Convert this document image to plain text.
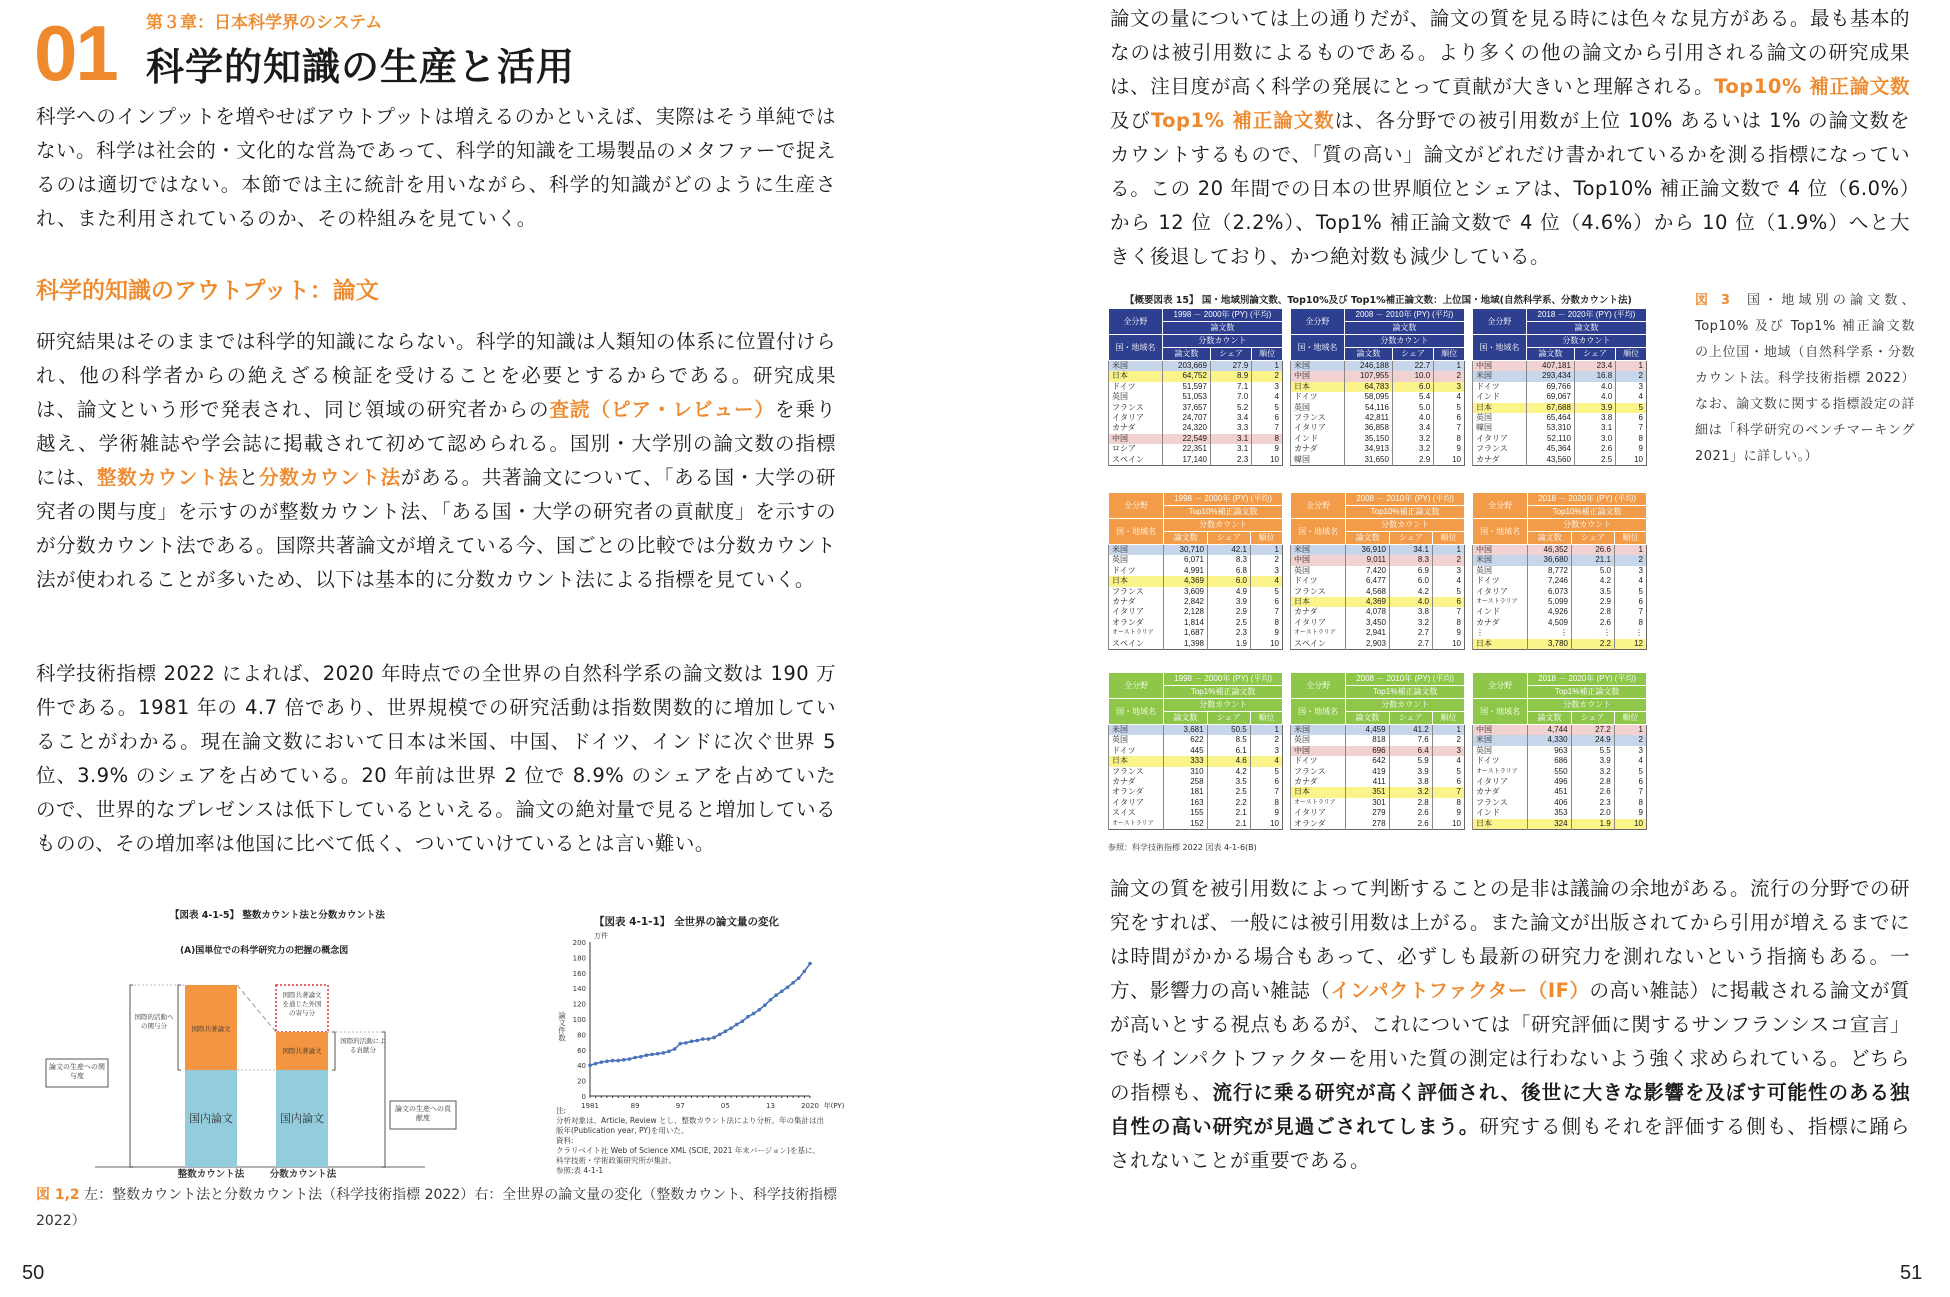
01 第３章：日本科学界のシステム
科学的知識の生産と活用
科学へのインプットを増やせばアウトプットは増えるのかといえば、実際はそう単純ではない。科学は社会的・文化的な営為であって、科学的知識を工場製品のメタファーで捉えるのは適切ではない。本節では主に統計を用いながら、科学的知識がどのように生産され、また利用されているのか、その枠組みを見ていく。
科学的知識のアウトプット：論文
研究結果はそのままでは科学的知識にならない。科学的知識は人類知の体系に位置付けられ、他の科学者からの絶えざる検証を受けることを必要とするからである。研究成果は、論文という形で発表され、同じ領域の研究者からの査読（ピア・レビュー）を乗り越え、学術雑誌や学会誌に掲載されて初めて認められる。国別・大学別の論文数の指標には、整数カウント法と分数カウント法がある。共著論文について、「ある国・大学の研究者の関与度」を示すのが整数カウント法、「ある国・大学の研究者の貢献度」を示すのが分数カウント法である。国際共著論文が増えている今、国ごとの比較では分数カウント法が使われることが多いため、以下は基本的に分数カウント法による指標を見ていく。
科学技術指標 2022 によれば、2020 年時点での全世界の自然科学系の論文数は 190 万件である。1981 年の 4.7 倍であり、世界規模での研究活動は指数関数的に増加していることがわかる。現在論文数において日本は米国、中国、ドイツ、インドに次ぐ世界 5 位、3.9% のシェアを占めている。20 年前は世界 2 位で 8.9% のシェアを占めていたので、世界的なプレゼンスは低下しているといえる。論文の絶対量で見ると増加しているものの、その増加率は他国に比べて低く、ついていけているとは言い難い。
【図表 4-1-5】 整数カウント法と分数カウント法
(A)国単位での科学研究力の把握の概念図
論文の生産への関与度
論文の生産への貢献度
国際的活動への関与分
国際的活動による貢献分
国際共著論文
国際共著論文
国際共著論文を通じた外国の寄与分
国内論文	国内論文
整数カウント法	分数カウント法
【図表 4-1-1】 全世界の論文量の変化
0
20
40
60
80
100
120
140
160
180
200
万件
論文件数
1981	89	97	05	13	2020 年(PY)
注:
分析対象は、Article, Review とし、整数カウント法により分析。年の集計は出版年(Publication year, PY)を用いた。
資料:
クラリベイト社 Web of Science XML (SCIE, 2021 年末バージョン)を基に、科学技術・学術政策研究所が集計。
参照:表 4-1-1
図 1,2 左：整数カウント法と分数カウント法（科学技術指標 2022）右：全世界の論文量の変化（整数カウント、科学技術指標 2022）
50
論文の量については上の通りだが、論文の質を見る時には色々な見方がある。最も基本的なのは被引用数によるものである。より多くの他の論文から引用される論文の研究成果は、注目度が高く科学の発展にとって貢献が大きいと理解される。Top10% 補正論文数及びTop1% 補正論文数は、各分野での被引用数が上位 10% あるいは 1% の論文数をカウントするもので、「質の高い」論文がどれだけ書かれているかを測る指標になっている。この 20 年間での日本の世界順位とシェアは、Top10% 補正論文数で 4 位（6.0%）から 12 位（2.2%）、Top1% 補正論文数で 4 位（4.6%）から 10 位（1.9%）へと大きく後退しており、かつ絶対数も減少している。
図 3 国・地域別の論文数、Top10% 及び Top1% 補正論文数の上位国・地域（自然科学系・分数カウント法。科学技術指標 2022）なお、論文数に関する指標設定の詳細は「科学研究のベンチマーキング 2021」に詳しい。）
論文の質を被引用数によって判断することの是非は議論の余地がある。流行の分野での研究をすれば、一般には被引用数は上がる。また論文が出版されてから引用が増えるまでには時間がかかる場合もあって、必ずしも最新の研究力を測れないという指摘もある。一方、影響力の高い雑誌（インパクトファクター（IF）の高い雑誌）に掲載される論文が質が高いとする視点もあるが、これについては「研究評価に関するサンフランシスコ宣言」でもインパクトファクターを用いた質の測定は行わないよう強く求められている。どちらの指標も、流行に乗る研究が高く評価され、後世に大きな影響を及ぼす可能性のある独自性の高い研究が見過ごされてしまう。研究する側もそれを評価する側も、指標に踊らされないことが重要である。
51
【概要図表 15】 国・地域別論文数、Top10%及び Top1%補正論文数：上位国・地域(自然科学系、分数カウント法)
全分野	1998 － 2000年 (PY) (平均)		
	論文数		
国・地域名	分数カウント		
	論文数	シェア	順位
米国	203,669	27.9	1
日本	64,752	8.9	2
ドイツ	51,597	7.1	3
英国	51,053	7.0	4
フランス	37,657	5.2	5
イタリア	24,707	3.4	6
カナダ	24,320	3.3	7
中国	22,549	3.1	8
ロシア	22,351	3.1	9
スペイン	17,140	2.3	10
全分野	2008 － 2010年 (PY) (平均)		
	論文数		
国・地域名	分数カウント		
	論文数	シェア	順位
米国	246,188	22.7	1
中国	107,955	10.0	2
日本	64,783	6.0	3
ドイツ	58,095	5.4	4
英国	54,116	5.0	5
フランス	42,811	4.0	6
イタリア	36,858	3.4	7
インド	35,150	3.2	8
カナダ	34,913	3.2	9
韓国	31,650	2.9	10
全分野	2018 － 2020年 (PY) (平均)		
	論文数		
国・地域名	分数カウント		
	論文数	シェア	順位
中国	407,181	23.4	1
米国	293,434	16.8	2
ドイツ	69,766	4.0	3
インド	69,067	4.0	4
日本	67,688	3.9	5
英国	65,464	3.8	6
韓国	53,310	3.1	7
イタリア	52,110	3.0	8
フランス	45,364	2.6	9
カナダ	43,560	2.5	10
全分野	1998 － 2000年 (PY) (平均)		
	Top10%補正論文数		
国・地域名	分数カウント		
	論文数	シェア	順位
米国	30,710	42.1	1
英国	6,071	8.3	2
ドイツ	4,991	6.8	3
日本	4,369	6.0	4
フランス	3,609	4.9	5
カナダ	2,842	3.9	6
イタリア	2,128	2.9	7
オランダ	1,814	2.5	8
オーストラリア	1,687	2.3	9
スペイン	1,398	1.9	10
全分野	2008 － 2010年 (PY) (平均)		
	Top10%補正論文数		
国・地域名	分数カウント		
	論文数	シェア	順位
米国	36,910	34.1	1
中国	9,011	8.3	2
英国	7,420	6.9	3
ドイツ	6,477	6.0	4
フランス	4,568	4.2	5
日本	4,369	4.0	6
カナダ	4,078	3.8	7
イタリア	3,450	3.2	8
オーストラリア	2,941	2.7	9
スペイン	2,903	2.7	10
全分野	2018 － 2020年 (PY) (平均)		
	Top10%補正論文数		
国・地域名	分数カウント		
	論文数	シェア	順位
中国	46,352	26.6	1
米国	36,680	21.1	2
英国	8,772	5.0	3
ドイツ	7,246	4.2	4
イタリア	6,073	3.5	5
オーストラリア	5,099	2.9	6
インド	4,926	2.8	7
カナダ	4,509	2.6	8
⋮	⋮	⋮	⋮
日本	3,780	2.2	12
全分野	1998 － 2000年 (PY) (平均)		
	Top1%補正論文数		
国・地域名	分数カウント		
	論文数	シェア	順位
米国	3,681	50.5	1
英国	622	8.5	2
ドイツ	445	6.1	3
日本	333	4.6	4
フランス	310	4.2	5
カナダ	258	3.5	6
オランダ	181	2.5	7
イタリア	163	2.2	8
スイス	155	2.1	9
オーストラリア	152	2.1	10
全分野	2008 － 2010年 (PY) (平均)		
	Top1%補正論文数		
国・地域名	分数カウント		
	論文数	シェア	順位
米国	4,459	41.2	1
英国	818	7.6	2
中国	696	6.4	3
ドイツ	642	5.9	4
フランス	419	3.9	5
カナダ	411	3.8	6
日本	351	3.2	7
オーストラリア	301	2.8	8
イタリア	279	2.6	9
オランダ	278	2.6	10
全分野	2018 － 2020年 (PY) (平均)		
	Top1%補正論文数		
国・地域名	分数カウント		
	論文数	シェア	順位
中国	4,744	27.2	1
米国	4,330	24.9	2
英国	963	5.5	3
ドイツ	686	3.9	4
オーストラリア	550	3.2	5
イタリア	496	2.8	6
カナダ	451	2.6	7
フランス	406	2.3	8
インド	353	2.0	9
日本	324	1.9	10
参照：科学技術指標 2022 図表 4-1-6(B)
